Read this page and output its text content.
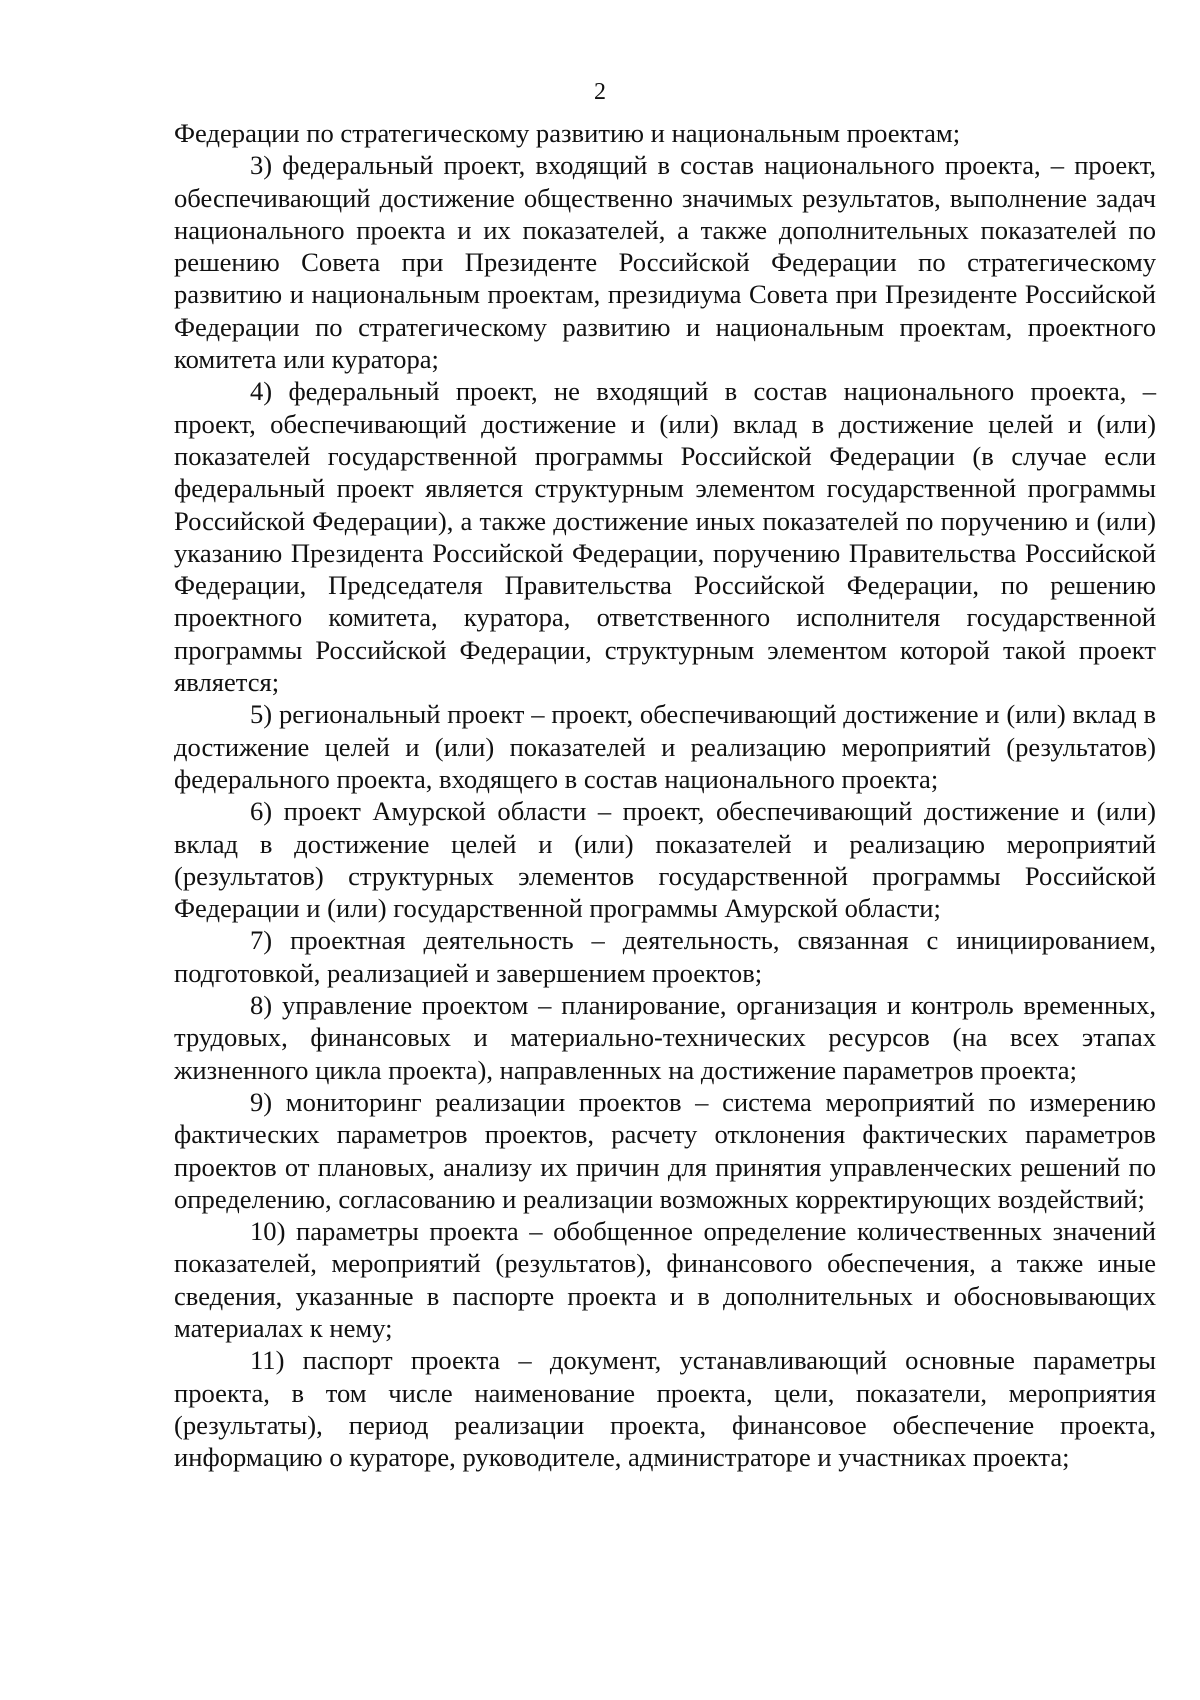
2

Федерации по стратегическому развитию и национальным проектам;

3) федеральный проект, входящий в состав национального проекта, – проект, обеспечивающий достижение общественно значимых результатов, выполнение задач национального проекта и их показателей, а также дополнительных показателей по решению Совета при Президенте Российской Федерации по стратегическому развитию и национальным проектам, президиума Совета при Президенте Российской Федерации по стратегическому развитию и национальным проектам, проектного комитета или куратора;

4) федеральный проект, не входящий в состав национального проекта, – проект, обеспечивающий достижение и (или) вклад в достижение целей и (или) показателей государственной программы Российской Федерации (в случае если федеральный проект является структурным элементом государственной программы Российской Федерации), а также достижение иных показателей по поручению и (или) указанию Президента Российской Федерации, поручению Правительства Российской Федерации, Председателя Правительства Российской Федерации, по решению проектного комитета, куратора, ответственного исполнителя государственной программы Российской Федерации, структурным элементом которой такой проект является;

5) региональный проект – проект, обеспечивающий достижение и (или) вклад в достижение целей и (или) показателей и реализацию мероприятий (результатов) федерального проекта, входящего в состав национального проекта;

6) проект Амурской области – проект, обеспечивающий достижение и (или) вклад в достижение целей и (или) показателей и реализацию мероприятий (результатов) структурных элементов государственной программы Российской Федерации и (или) государственной программы Амурской области;

7) проектная деятельность – деятельность, связанная с инициированием, подготовкой, реализацией и завершением проектов;

8) управление проектом – планирование, организация и контроль временных, трудовых, финансовых и материально-технических ресурсов (на всех этапах жизненного цикла проекта), направленных на достижение параметров проекта;

9) мониторинг реализации проектов – система мероприятий по измерению фактических параметров проектов, расчету отклонения фактических параметров проектов от плановых, анализу их причин для принятия управленческих решений по определению, согласованию и реализации возможных корректирующих воздействий;

10) параметры проекта – обобщенное определение количественных значений показателей, мероприятий (результатов), финансового обеспечения, а также иные сведения, указанные в паспорте проекта и в дополнительных и обосновывающих материалах к нему;

11) паспорт проекта – документ, устанавливающий основные параметры проекта, в том числе наименование проекта, цели, показатели, мероприятия (результаты), период реализации проекта, финансовое обеспечение проекта, информацию о кураторе, руководителе, администраторе и участниках проекта;
